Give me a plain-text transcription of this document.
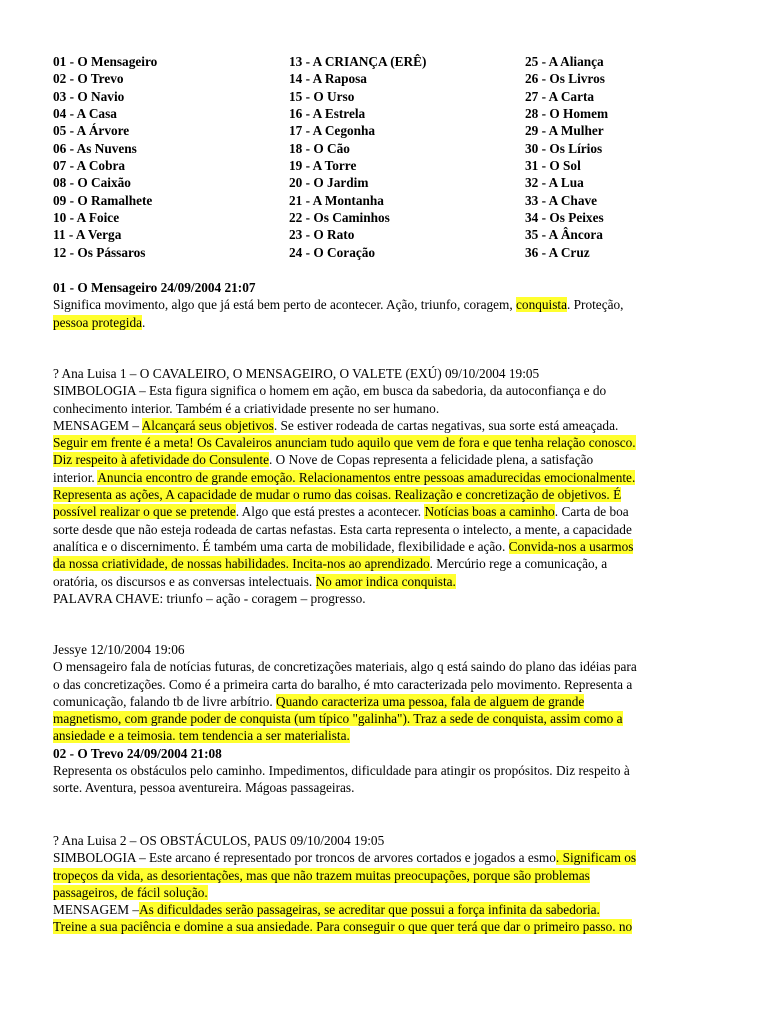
01 - O Mensageiro
02 - O Trevo
03 - O Navio
04 - A Casa
05 - A Árvore
06 - As Nuvens
07 - A Cobra
08 - O Caixão
09 - O Ramalhete
10 - A Foice
11 - A Verga
12 - Os Pássaros
13 - A CRIANÇA (ERÊ)
14 - A Raposa
15 - O Urso
16 - A Estrela
17 - A Cegonha
18 - O Cão
19 - A Torre
20 - O Jardim
21 - A Montanha
22 - Os Caminhos
23 - O Rato
24 - O Coração
25 - A Aliança
26 - Os Livros
27 - A Carta
28 - O Homem
29 - A Mulher
30 - Os Lírios
31 - O Sol
32 - A Lua
33 - A Chave
34 - Os Peixes
35 - A Âncora
36 - A Cruz
01 - O Mensageiro 24/09/2004 21:07
Significa movimento, algo que já está bem perto de acontecer. Ação, triunfo, coragem, conquista. Proteção,
pessoa protegida.
? Ana Luisa 1 – O CAVALEIRO, O MENSAGEIRO, O VALETE (EXÚ) 09/10/2004 19:05
SIMBOLOGIA – Esta figura significa o homem em ação, em busca da sabedoria, da autoconfiança e do
conhecimento interior. Também é a criatividade presente no ser humano.
MENSAGEM – Alcançará seus objetivos. Se estiver rodeada de cartas negativas, sua sorte está ameaçada.
Seguir em frente é a meta! Os Cavaleiros anunciam tudo aquilo que vem de fora e que tenha relação conosco.
Diz respeito à afetividade do Consulente. O Nove de Copas representa a felicidade plena, a satisfação
interior. Anuncia encontro de grande emoção. Relacionamentos entre pessoas amadurecidas emocionalmente.
Representa as ações, A capacidade de mudar o rumo das coisas. Realização e concretização de objetivos. É
possível realizar o que se pretende. Algo que está prestes a acontecer. Notícias boas a caminho. Carta de boa
sorte desde que não esteja rodeada de cartas nefastas. Esta carta representa o intelecto, a mente, a capacidade
analítica e o discernimento. É também uma carta de mobilidade, flexibilidade e ação. Convida-nos a usarmos
da nossa criatividade, de nossas habilidades. Incita-nos ao aprendizado. Mercúrio rege a comunicação, a
oratória, os discursos e as conversas intelectuais. No amor indica conquista.
PALAVRA CHAVE: triunfo – ação - coragem – progresso.
Jessye 12/10/2004 19:06
O mensageiro fala de notícias futuras, de concretizações materiais, algo q está saindo do plano das idéias para
o das concretizações. Como é a primeira carta do baralho, é mto caracterizada pelo movimento. Representa a
comunicação, falando tb de livre arbítrio. Quando caracteriza uma pessoa, fala de alguem de grande
magnetismo, com grande poder de conquista (um típico "galinha"). Traz a sede de conquista, assim como a
ansiedade e a teimosia. tem tendencia a ser materialista.
02 - O Trevo 24/09/2004 21:08
Representa os obstáculos pelo caminho. Impedimentos, dificuldade para atingir os propósitos. Diz respeito à
sorte. Aventura, pessoa aventureira. Mágoas passageiras.
? Ana Luisa 2 – OS OBSTÁCULOS, PAUS 09/10/2004 19:05
SIMBOLOGIA – Este arcano é representado por troncos de arvores cortados e jogados a esmo. Significam os
tropeços da vida, as desorientações, mas que não trazem muitas preocupações, porque são problemas
passageiros, de fácil solução.
MENSAGEM –As dificuldades serão passageiras, se acreditar que possui a força infinita da sabedoria.
Treine a sua paciência e domine a sua ansiedade. Para conseguir o que quer terá que dar o primeiro passo. no
